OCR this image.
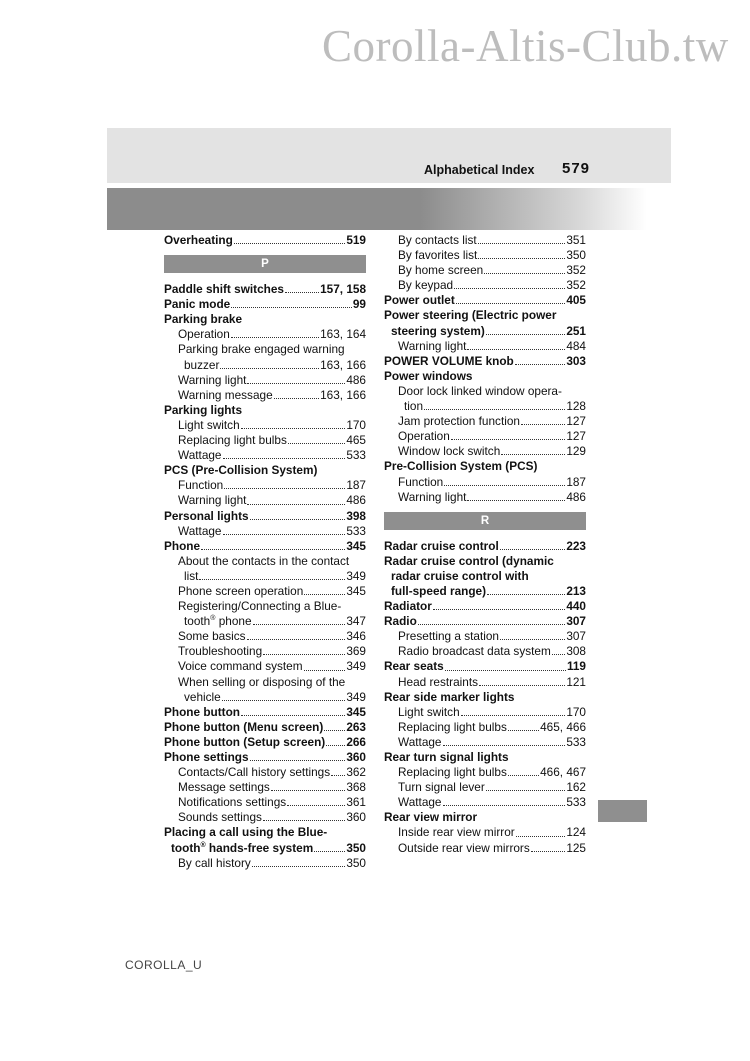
Corolla-Altis-Club.tw
Alphabetical Index 579
Overheating	519
P
Paddle shift switches	157, 158
Panic mode	99
Parking brake
Operation	163, 164
Parking brake engaged warning
buzzer	163, 166
Warning light	486
Warning message	163, 166
Parking lights
Light switch	170
Replacing light bulbs	465
Wattage	533
PCS (Pre-Collision System)
Function	187
Warning light	486
Personal lights	398
Wattage	533
Phone	345
About the contacts in the contact
list	349
Phone screen operation	345
Registering/Connecting a Blue-
tooth® phone	347
Some basics	346
Troubleshooting	369
Voice command system	349
When selling or disposing of the
vehicle	349
Phone button	345
Phone button (Menu screen) 263
Phone button (Setup screen) 266
Phone settings	360
Contacts/Call history settings 362
Message settings	368
Notifications settings	361
Sounds settings	360
Placing a call using the Blue-
tooth® hands-free system	350
By call history	350
By contacts list	351
By favorites list	350
By home screen	352
By keypad	352
Power outlet	405
Power steering (Electric power
steering system)	251
Warning light	484
POWER VOLUME knob	303
Power windows
Door lock linked window opera-
tion	128
Jam protection function	127
Operation	127
Window lock switch	129
Pre-Collision System (PCS)
Function	187
Warning light	486
R
Radar cruise control	223
Radar cruise control (dynamic
radar cruise control with
full-speed range)	213
Radiator	440
Radio	307
Presetting a station	307
Radio broadcast data system 308
Rear seats	119
Head restraints	121
Rear side marker lights
Light switch	170
Replacing light bulbs	465, 466
Wattage	533
Rear turn signal lights
Replacing light bulbs	466, 467
Turn signal lever	162
Wattage	533
Rear view mirror
Inside rear view mirror	124
Outside rear view mirrors	125
COROLLA_U
